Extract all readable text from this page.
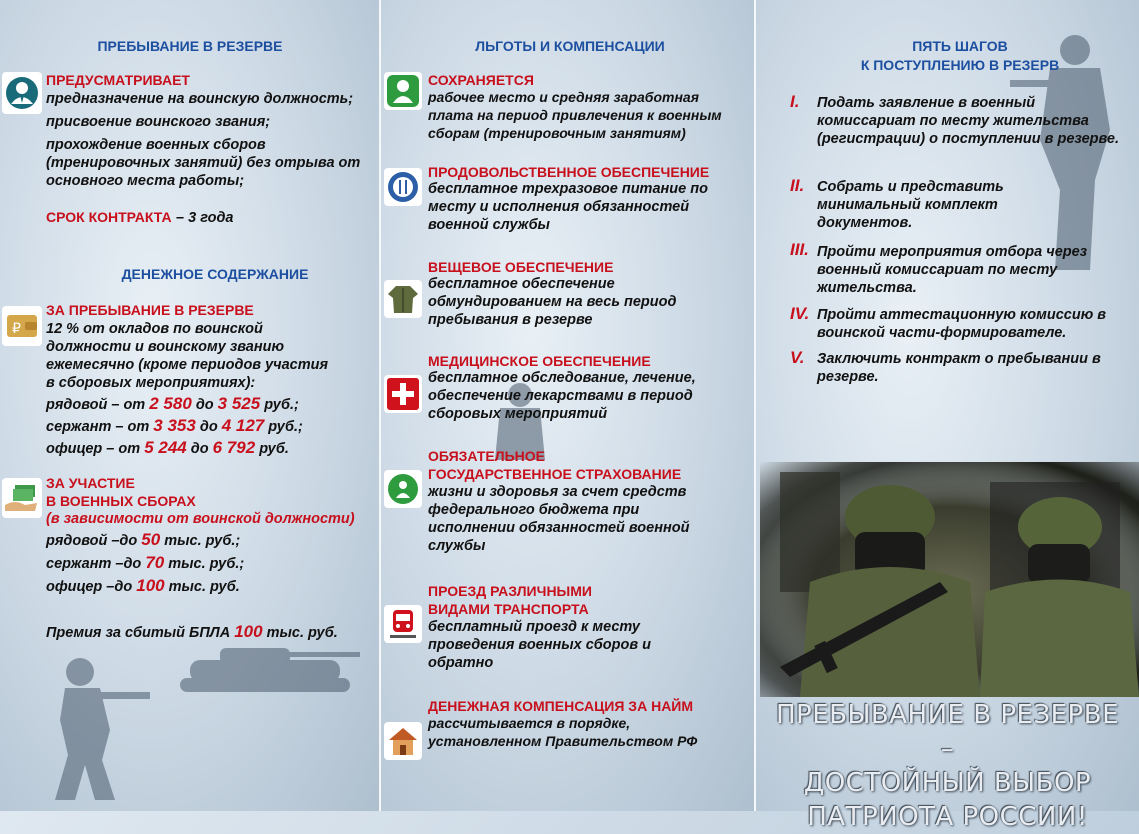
ПРЕБЫВАНИЕ В РЕЗЕРВЕ
ПРЕДУСМАТРИВАЕТ
предназначение на воинскую должность;
присвоение воинского звания;
прохождение военных сборов (тренировочных занятий) без отрыва от основного места работы;
СРОК КОНТРАКТА – 3 года
ДЕНЕЖНОЕ СОДЕРЖАНИЕ
₽
ЗА ПРЕБЫВАНИЕ В РЕЗЕРВЕ
12 % от окладов по воинской должности и воинскому званию ежемесячно (кроме периодов участия в сборовых мероприятиях):
рядовой – от 2 580 до 3 525 руб.;
сержант – от 3 353 до 4 127 руб.;
офицер – от 5 244 до 6 792 руб.
ЗА УЧАСТИЕ
В ВОЕННЫХ СБОРАХ
(в зависимости от воинской должности)
рядовой –до 50 тыс. руб.;
сержант –до 70 тыс. руб.;
офицер –до 100 тыс. руб.
Премия за сбитый БПЛА 100 тыс. руб.
ЛЬГОТЫ И КОМПЕНСАЦИИ
СОХРАНЯЕТСЯ
рабочее место и средняя заработная плата на период привлечения к военным сборам (тренировочным занятиям)
ПРОДОВОЛЬСТВЕННОЕ ОБЕСПЕЧЕНИЕ
бесплатное трехразовое питание по месту и исполнения обязанностей военной службы
ВЕЩЕВОЕ ОБЕСПЕЧЕНИЕ
бесплатное обеспечение обмундированием на весь период пребывания в резерве
МЕДИЦИНСКОЕ ОБЕСПЕЧЕНИЕ
бесплатное обследование, лечение, обеспечение лекарствами в период сборовых мероприятий
ОБЯЗАТЕЛЬНОЕ
ГОСУДАРСТВЕННОЕ СТРАХОВАНИЕ
жизни и здоровья за счет средств федерального бюджета при исполнении обязанностей военной службы
ПРОЕЗД РАЗЛИЧНЫМИ
ВИДАМИ ТРАНСПОРТА
бесплатный проезд к месту проведения военных сборов и обратно
ДЕНЕЖНАЯ КОМПЕНСАЦИЯ ЗА НАЙМ
рассчитывается в порядке, установленном Правительством РФ
ПЯТЬ ШАГОВ
К ПОСТУПЛЕНИЮ В РЕЗЕРВ
I. Подать заявление в военный комиссариат по месту жительства (регистрации) о поступлении в резерве.
II. Собрать и представить минимальный комплект документов.
III. Пройти мероприятия отбора через военный комиссариат по месту жительства.
IV. Пройти аттестационную комиссию в воинской части-формирователе.
V. Заключить контракт о пребывании в резерве.
ПРЕБЫВАНИЕ В РЕЗЕРВЕ –
ДОСТОЙНЫЙ ВЫБОР
ПАТРИОТА РОССИИ!
